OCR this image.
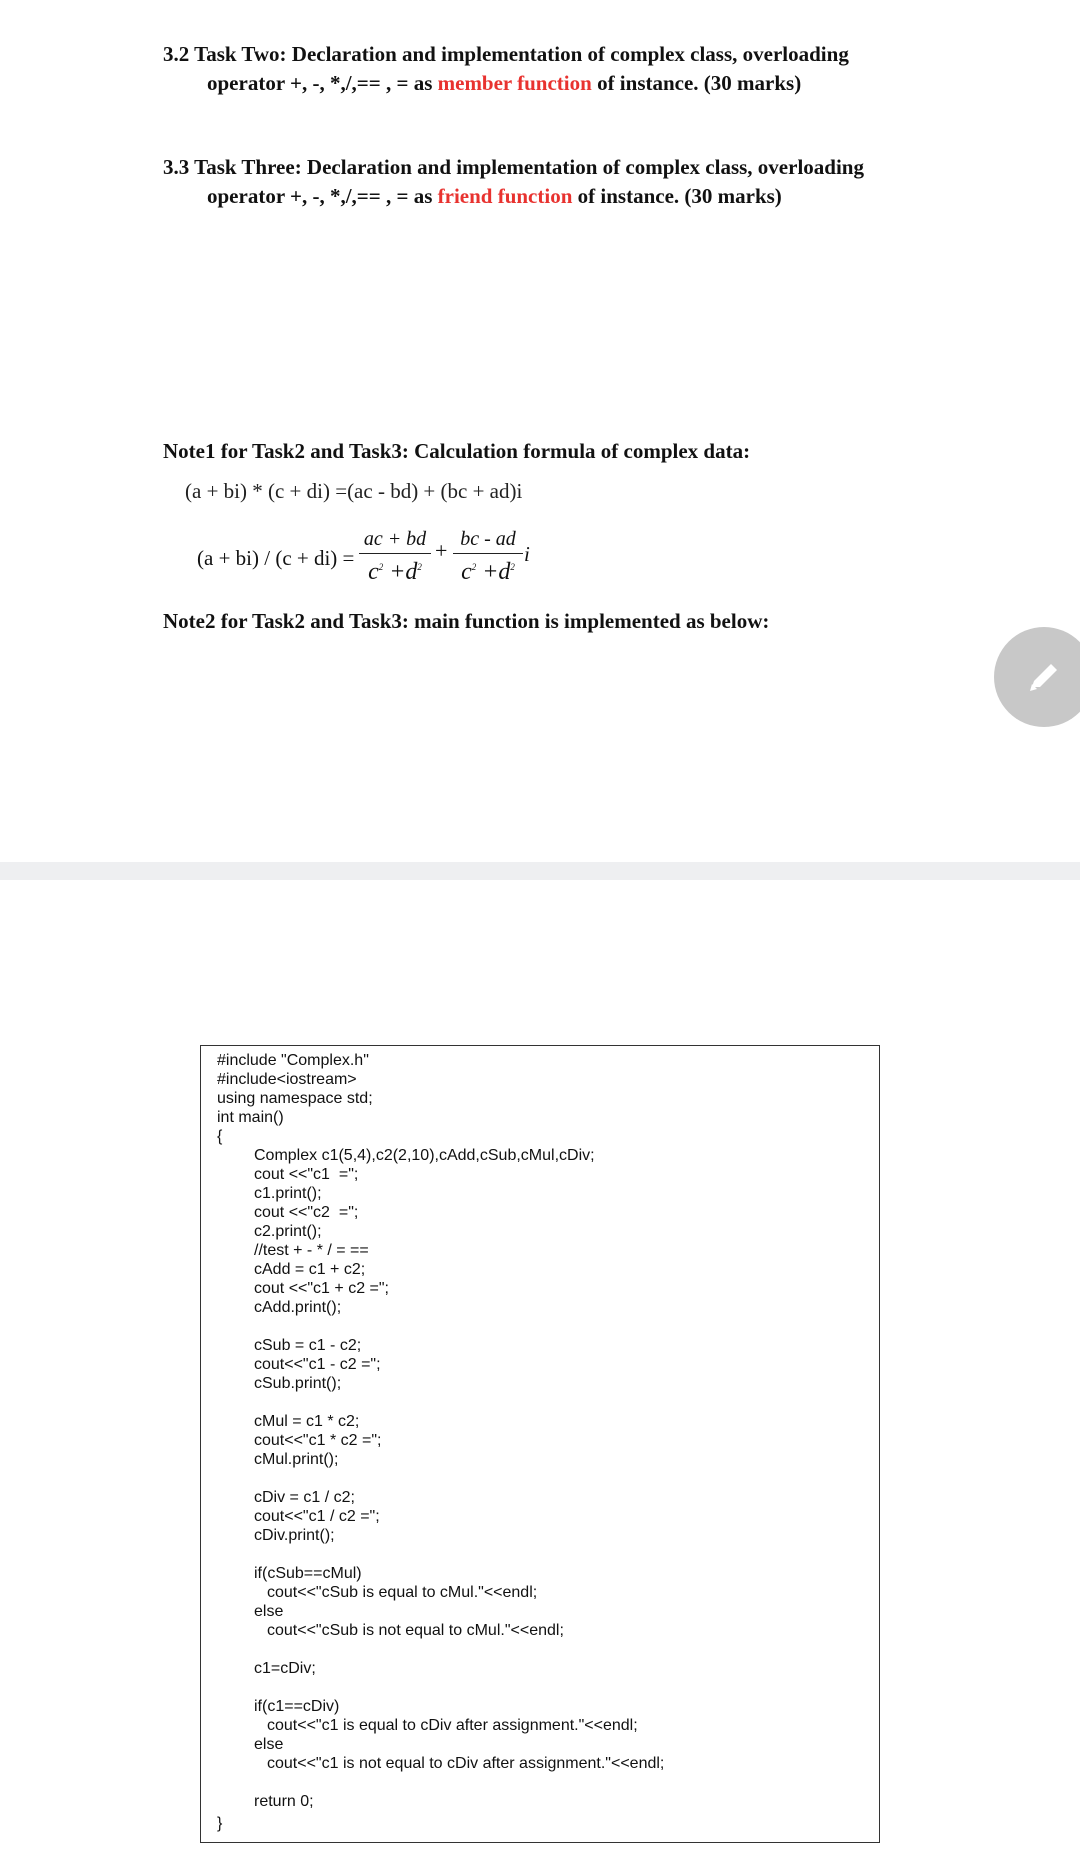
3.2 Task Two: Declaration and implementation of complex class, overloading
operator +, -, *,/,== , = as member function of instance. (30 marks)
3.3 Task Three: Declaration and implementation of complex class, overloading
operator +, -, *,/,== , = as friend function of instance. (30 marks)
Note1 for Task2 and Task3: Calculation formula of complex data:
(a + bi) * (c + di) =(ac - bd) + (bc + ad)i
(a + bi) / (c + di) =
ac + bd
$c^2 +d^2$
+ bc - ad
$c^2 +d^2$
i
Note2 for Task2 and Task3: main function is implemented as below:
#include "Complex.h"
#include<iostream>
using namespace std;
int main()
{
Complex c1(5,4),c2(2,10),cAdd,cSub,cMul,cDiv;
cout <<"c1  =";
c1.print();
cout <<"c2  =";
c2.print();
//test + - * / = ==
cAdd = c1 + c2;
cout <<"c1 + c2 =";
cAdd.print();
cSub = c1 - c2;
cout<<"c1 - c2 =";
cSub.print();
cMul = c1 * c2;
cout<<"c1 * c2 =";
cMul.print();
cDiv = c1 / c2;
cout<<"c1 / c2 =";
cDiv.print();
if(cSub==cMul)
cout<<"cSub is equal to cMul."<<endl;
else
cout<<"cSub is not equal to cMul."<<endl;
c1=cDiv;
if(c1==cDiv)
cout<<"c1 is equal to cDiv after assignment."<<endl;
else
cout<<"c1 is not equal to cDiv after assignment."<<endl;
return 0;
}
